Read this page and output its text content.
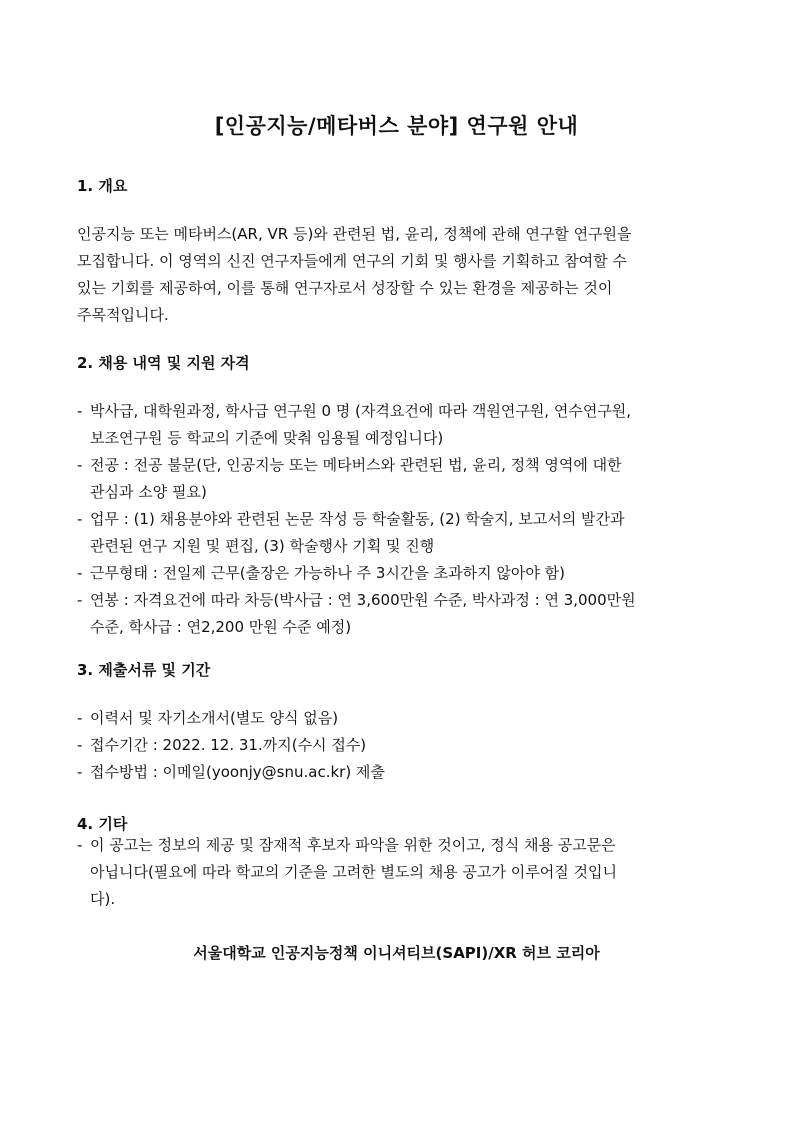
[인공지능/메타버스 분야] 연구원 안내
1. 개요
인공지능 또는 메타버스(AR, VR 등)와 관련된 법, 윤리, 정책에 관해 연구할 연구원을
모집합니다. 이 영역의 신진 연구자들에게 연구의 기회 및 행사를 기획하고 참여할 수
있는 기회를 제공하여, 이를 통해 연구자로서 성장할 수 있는 환경을 제공하는 것이
주목적입니다.
2. 채용 내역 및 지원 자격
- 박사급, 대학원과정, 학사급 연구원 0 명 (자격요건에 따라 객원연구원, 연수연구원,
보조연구원 등 학교의 기준에 맞춰 임용될 예정입니다)
- 전공 : 전공 불문(단, 인공지능 또는 메타버스와 관련된 법, 윤리, 정책 영역에 대한
관심과 소양 필요)
- 업무 : (1) 채용분야와 관련된 논문 작성 등 학술활동, (2) 학술지, 보고서의 발간과
관련된 연구 지원 및 편집, (3) 학술행사 기획 및 진행
- 근무형태 : 전일제 근무(출장은 가능하나 주 3시간을 초과하지 않아야 함)
- 연봉 : 자격요건에 따라 차등(박사급 : 연 3,600만원 수준, 박사과정 : 연 3,000만원
수준, 학사급 : 연2,200 만원 수준 예정)
3. 제출서류 및 기간
- 이력서 및 자기소개서(별도 양식 없음)
- 접수기간 : 2022. 12. 31.까지(수시 접수)
- 접수방법 : 이메일(yoonjy@snu.ac.kr) 제출
4. 기타
- 이 공고는 정보의 제공 및 잠재적 후보자 파악을 위한 것이고, 정식 채용 공고문은
아닙니다(필요에 따라 학교의 기준을 고려한 별도의 채용 공고가 이루어질 것입니
다).
서울대학교 인공지능정책 이니셔티브(SAPI)/XR 허브 코리아
